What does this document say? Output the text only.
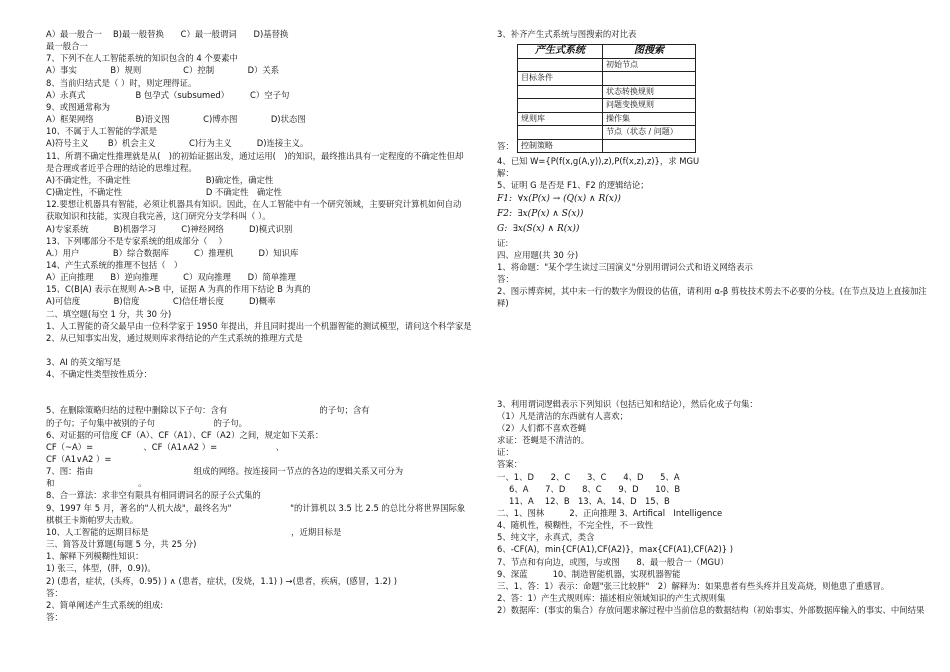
A）最一般合一　 B)最一般替换　　C）最一般谓词　　D)基替换
最一般合一
7、下列不在人工智能系统的知识包含的 4 个要素中
A）事实　　　　B）规则　　　　　C）控制　　　　D）关系
8、当前归结式是（ ）时，则定理得证。
A）永真式　　　　　　B 包孕式（subsumed）　　　C）空子句
9、或图通常称为
A）框架网络　　　　　B)语义图　　　　C)博亦图　　　　D)状态图
10、不属于人工智能的学派是
A)符号主义　　 B）机会主义　　　　C)行为主义　　　D)连接主义。
11、所谓不确定性推理就是从(　)的初始证据出发，通过运用(　)的知识，最终推出具有一定程度的不确定性但却是合理或者近乎合理的结论的思维过程。
A)不确定性，不确定性　　　　　　　　　B)确定性，确定性
C)确定性，不确定性　　　　　　　　　　D 不确定性　确定性
12.要想让机器具有智能，必须让机器具有知识。因此，在人工智能中有一个研究领域，主要研究计算机如何自动获取知识和技能，实现自我完善，这门研究分支学科叫（ ）。
A)专家系统　　　B)机器学习　　　C)神经网络　　　D)模式识别
13、下列哪部分不是专家系统的组成部分（　 ）
A.）用户　　　　B）综合数据库　　　C）推理机　　　D）知识库
14、产生式系统的推理不包括（　）
A）正向推理　　B）逆向推理　　　C）双向推理　　D）简单推理
15、C(B|A) 表示在规则 A->B 中，证据 A 为真的作用下结论 B 为真的
A)可信度　　　　B)信度　　　　C)信任增长度　　　D)概率
二、填空题(每空 1 分，共 30 分)
1、人工智能的奇父最早由一位科学家于 1950 年提出，并且同时提出一个机器智能的测试模型，请问这个科学家是
2、从已知事实出发，通过规则库求得结论的产生式系统的推理方式是
3、AI 的英文缩写是
4、不确定性类型按性质分：
5、在删除策略归结的过程中删除以下子句：含有　　　　　　　　　　　的子句；含有　　　　　　　　　　　的子句；子句集中被别的子句　　　　　　　的子句。
6、对证据的可信度 CF（A）、CF（A1）、CF（A2）之间，规定如下关系：
CF（~A）=　　　　　　、CF（A1∧A2 ）=　　　　　　　、
CF（A1∨A2 ）=
7、图：指由　　　　　　　　　　　　组成的网络。按连接同一节点的各边的逻辑关系又可分为　　　　　　　　　　和　　　　　　　　　　。
8、合一算法：求非空有限具有相同谓词名的原子公式集的
9、1997 年 5 月，著名的"人机大战"，最终名为"　　　　　　　"的计算机以 3.5 比 2.5 的总比分将世界国际象棋棋王卡斯帕罗夫击败。
10、人工智能的远期目标是　　　　　　　　　　　　　　　　　，近期目标是
三、简答及计算题(每题 5 分，共 25 分)
1、解释下列模糊性知识：
1) 张三，体型，(胖，0.9))。
2) (患者，症状，(头疼，0.95) ) ∧ (患者，症状，(发烧，1.1) ) →(患者，疾病，(感冒，1.2) )
答：
2、简单阐述产生式系统的组成:
答：
3、补齐产生式系统与图搜索的对比表
产生式系统	图搜索
	初始节点
目标条件	
	状态转换规则
	问题变换规则
规则库	操作集
	节点（状态 / 问题）
控制策略	
答：
4、已知 W={P(f(x,g(A,y)),z),P(f(x,z),z)}，求 MGU
解：
5、证明 G 是否是 F1、F2 的逻辑结论；
F1:  ∀x(P(x) → (Q(x) ∧ R(x))
F2:  ∃x(P(x) ∧ S(x))
G:  ∃x(S(x) ∧ R(x))
证:
四、应用题(共 30 分)
1、将命题："某个学生读过三国演义"分别用谓词公式和语义网络表示
答：
2、图示博弈树，其中末一行的数字为假设的估值，请利用 α-β 剪枝技术剪去不必要的分枝。(在节点及边上直接加注释)
3、利用谓词逻辑表示下列知识（包括已知和结论），然后化成子句集：
（1）凡是清洁的东西就有人喜欢；
（2）人们都不喜欢苍蝇
求证：苍蝇是不清洁的。
证：
答案：
一、1、D　　2、C　　3、C　　4、D　　5、A
6、A　　7、D　　8、C　　9、D　　10、B
11、A　 12、B　13、A、14、D　15、B
二、1、图林　　　2、正向推理 3、Artifical　Intelligence
4、随机性，模糊性，不完全性，不一致性
5、纯文字，永真式，类含
6、-CF(A)，min{CF(A1),CF(A2)}，max{CF(A1),CF(A2)} )
7、节点和有向边，或图，与或图　　8、最一般合一（MGU）
9、深蓝　　　10、制造智能机器，实现机器智能
三、1、答：1）表示：命题"张三比较胖"　2）解释为：如果患者有些头疼并且发高烧，则他患了重感冒。
2、答：1）产生式规则库：描述相应领域知识的产生式规则集
2）数据库：(事实的集合）存放问题求解过程中当前信息的数据结构（初始事实、外部数据库输入的事实、中间结果
